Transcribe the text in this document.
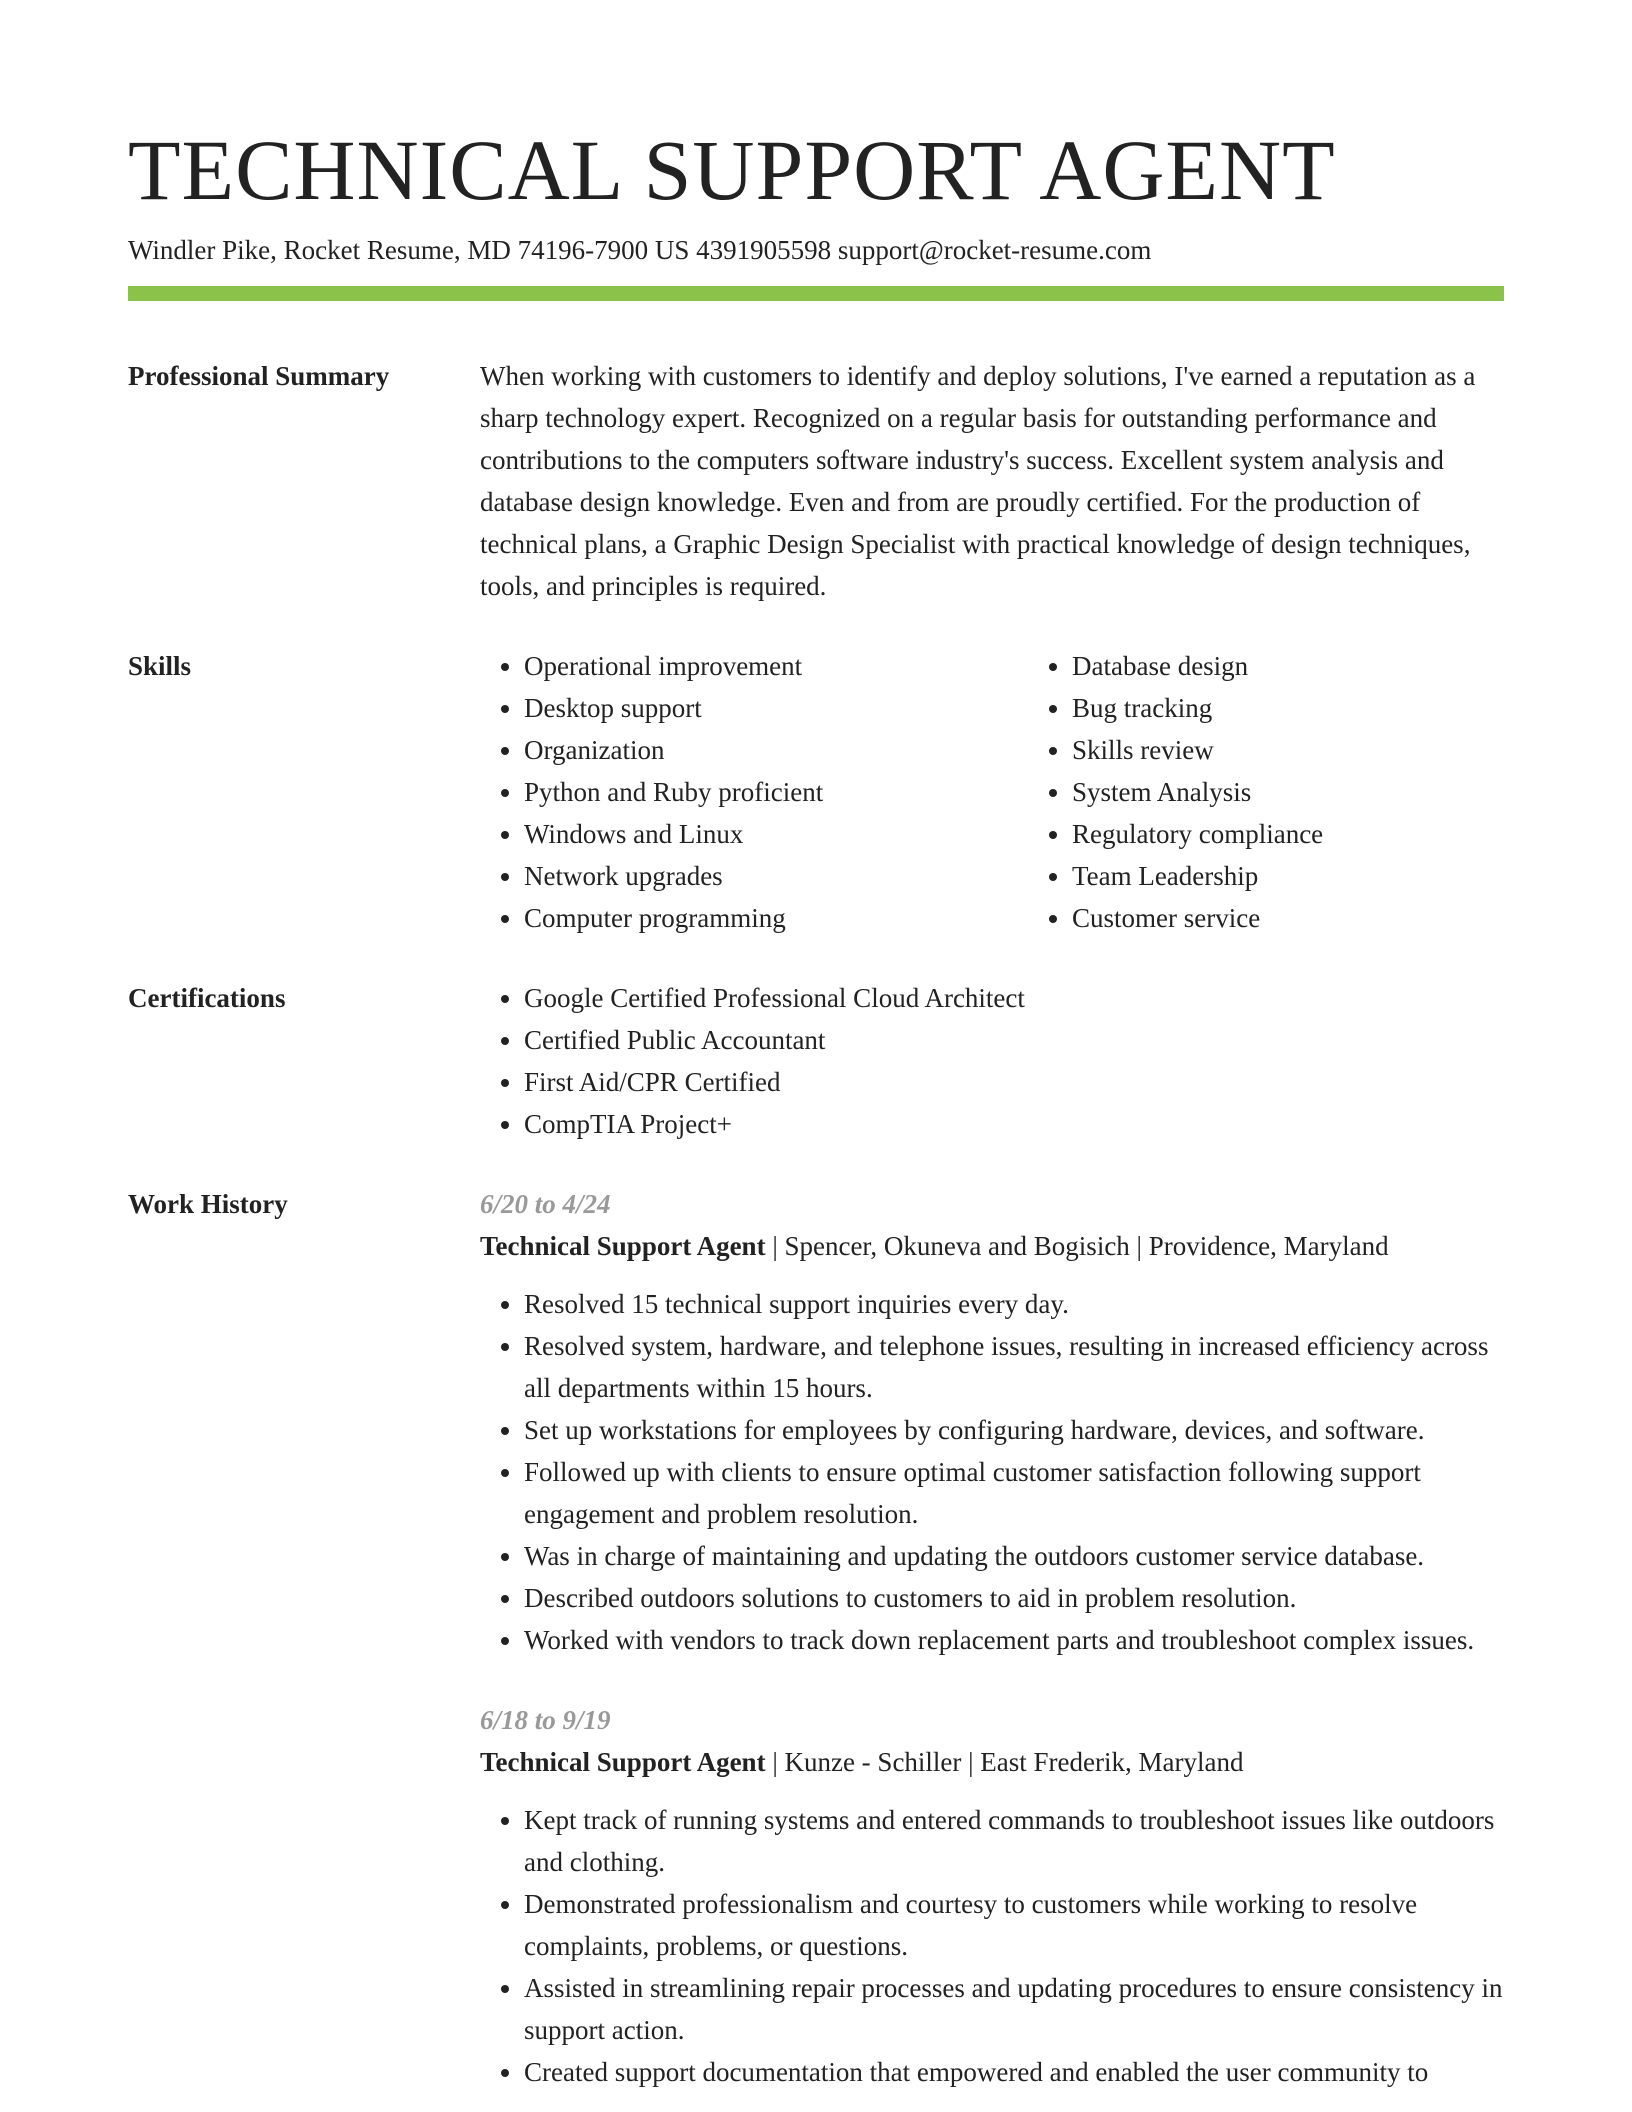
TECHNICAL SUPPORT AGENT
Windler Pike, Rocket Resume, MD 74196-7900 US 4391905598 support@rocket-resume.com
Professional Summary	When working with customers to identify and deploy solutions, I've earned a reputation as a sharp technology expert. Recognized on a regular basis for outstanding performance and contributions to the computers software industry's success. Excellent system analysis and database design knowledge. Even and from are proudly certified. For the production of technical plans, a Graphic Design Specialist with practical knowledge of design techniques, tools, and principles is required.

Skills	• Operational improvement
• Desktop support
• Organization
• Python and Ruby proficient
• Windows and Linux
• Network upgrades
• Computer programming
• Database design
• Bug tracking
• Skills review
• System Analysis
• Regulatory compliance
• Team Leadership
• Customer service
Certifications	• Google Certified Professional Cloud Architect
• Certified Public Accountant
• First Aid/CPR Certified
• CompTIA Project+
Work History	6/20 to 4/24
Technical Support Agent | Spencer, Okuneva and Bogisich | Providence, Maryland
• Resolved 15 technical support inquiries every day.
• Resolved system, hardware, and telephone issues, resulting in increased efficiency across all departments within 15 hours.
• Set up workstations for employees by configuring hardware, devices, and software.
• Followed up with clients to ensure optimal customer satisfaction following support engagement and problem resolution.
• Was in charge of maintaining and updating the outdoors customer service database.
• Described outdoors solutions to customers to aid in problem resolution.
• Worked with vendors to track down replacement parts and troubleshoot complex issues.
6/18 to 9/19
Technical Support Agent | Kunze - Schiller | East Frederik, Maryland
• Kept track of running systems and entered commands to troubleshoot issues like outdoors and clothing.
• Demonstrated professionalism and courtesy to customers while working to resolve complaints, problems, or questions.
• Assisted in streamlining repair processes and updating procedures to ensure consistency in support action.
• Created support documentation that empowered and enabled the user community to
